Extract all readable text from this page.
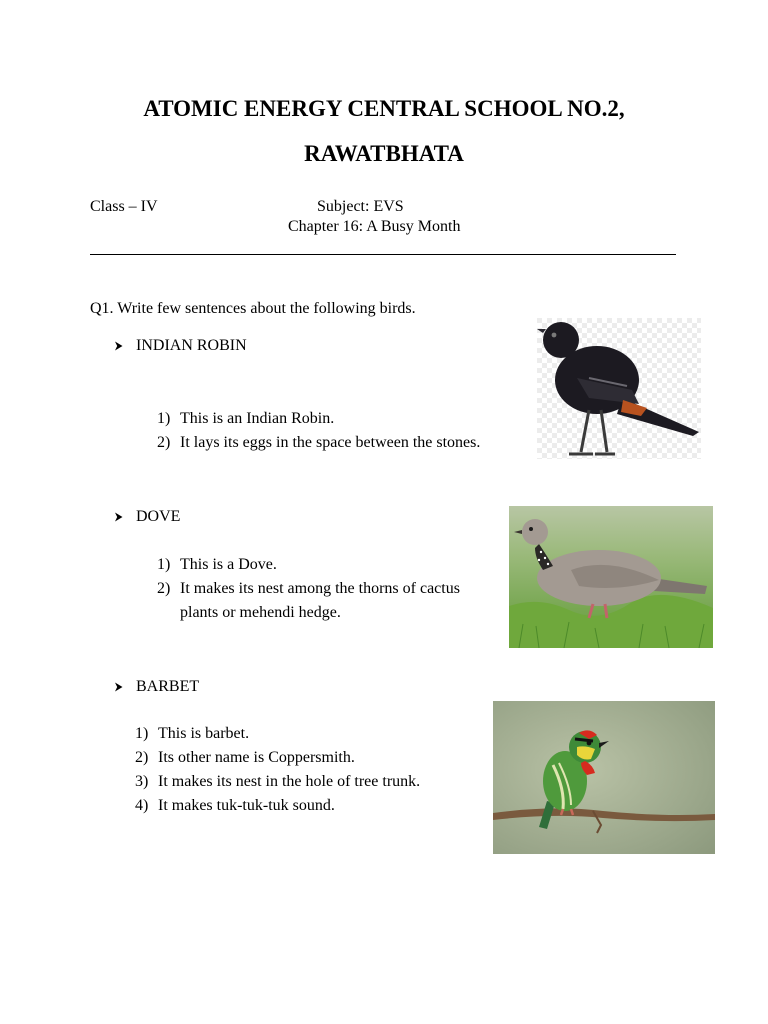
ATOMIC ENERGY CENTRAL SCHOOL NO.2,
RAWATBHATA
Class – IV	Subject: EVS
Chapter 16: A Busy Month
Q1. Write few sentences about the following birds.
INDIAN ROBIN
1) This is an Indian Robin.
2) It lays its eggs in the space between the stones.
DOVE
1) This is a Dove.
2) It makes its nest among the thorns of cactus
plants or mehendi hedge.
BARBET
1) This is barbet.
2) Its other name is Coppersmith.
3) It makes its nest in the hole of tree trunk.
4) It makes tuk-tuk-tuk sound.
